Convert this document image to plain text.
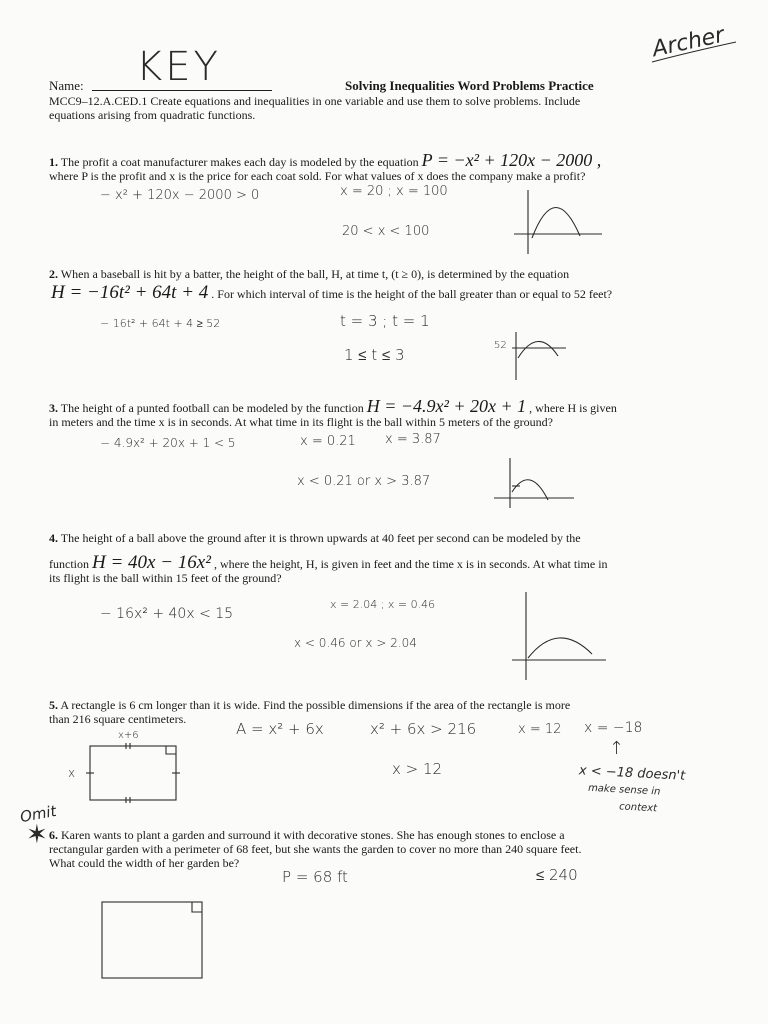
Archer
Name: KEY	Solving Inequalities Word Problems Practice
MCC9–12.A.CED.1 Create equations and inequalities in one variable and use them to solve problems. Include
equations arising from quadratic functions.
1. The profit a coat manufacturer makes each day is modeled by the equation P = −x² + 120x − 2000 ,
where P is the profit and x is the price for each coat sold. For what values of x does the company make a profit?
− x² + 120x − 2000 > 0	x = 20 ; x = 100
20 < x < 100
2. When a baseball is hit by a batter, the height of the ball, H, at time t, (t ≥ 0), is determined by the equation
H = −16t² + 64t + 4 . For which interval of time is the height of the ball greater than or equal to 52 feet?
− 16t² + 64t + 4 ≥ 52	t = 3 ; t = 1
1 ≤ t ≤ 3
52
3. The height of a punted football can be modeled by the function H = −4.9x² + 20x + 1 , where H is given
in meters and the time x is in seconds. At what time in its flight is the ball within 5 meters of the ground?
− 4.9x² + 20x + 1 < 5	x = 0.21 x = 3.87
x < 0.21 or x > 3.87
4. The height of a ball above the ground after it is thrown upwards at 40 feet per second can be modeled by the
function H = 40x − 16x² , where the height, H, is given in feet and the time x is in seconds. At what time in
its flight is the ball within 15 feet of the ground?
− 16x² + 40x < 15
x = 2.04 ; x = 0.46
x < 0.46 or x > 2.04
5. A rectangle is 6 cm longer than it is wide. Find the possible dimensions if the area of the rectangle is more
than 216 square centimeters.
A = x² + 6x	x² + 6x > 216	x = 12 x = −18
↑
x > 12	x < −18 doesn't
make sense in
context
x+6
x
Omit
✶ 6. Karen wants to plant a garden and surround it with decorative stones. She has enough stones to enclose a
rectangular garden with a perimeter of 68 feet, but she wants the garden to cover no more than 240 square feet.
What could the width of her garden be?
P = 68 ft	≤ 240
